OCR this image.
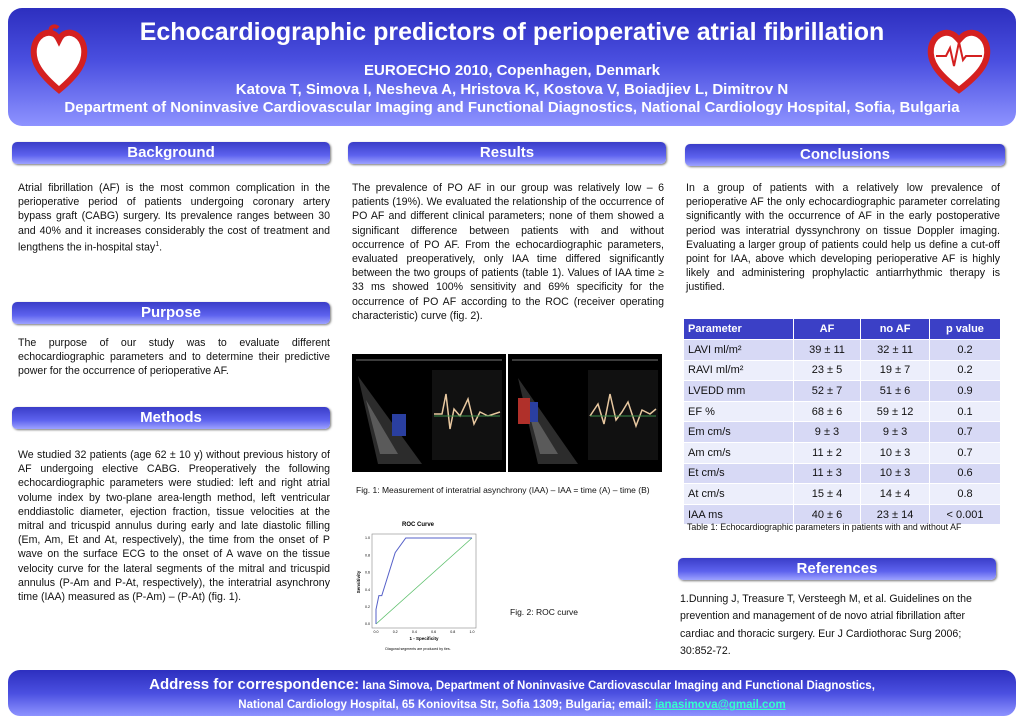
Echocardiographic predictors of perioperative atrial fibrillation
EUROECHO 2010, Copenhagen, Denmark
Katova T, Simova I, Nesheva A, Hristova K, Kostova V, Boiadjiev L, Dimitrov N
Department of Noninvasive Cardiovascular Imaging and Functional Diagnostics, National Cardiology Hospital, Sofia, Bulgaria
Background
Atrial fibrillation (AF) is the most common complication in the perioperative period of patients undergoing coronary artery bypass graft (CABG) surgery. Its prevalence ranges between 30 and 40% and it increases considerably the cost of treatment and lengthens the in-hospital stay$^1$.
Purpose
The purpose of our study was to evaluate different echocardiographic parameters and to determine their predictive power for the occurrence of perioperative AF.
Methods
We studied 32 patients (age 62 ± 10 y) without previous history of AF undergoing elective CABG. Preoperatively the following echocardiographic parameters were studied: left and right atrial volume index by two-plane area-length method, left ventricular enddiastolic diameter, ejection fraction, tissue velocities at the mitral and tricuspid annulus during early and late diastolic filling (Em, Am, Et and At, respectively), the time from the onset of P wave on the surface ECG to the onset of A wave on the tissue velocity curve for the lateral segments of the mitral and tricuspid annulus (P-Am and P-At, respectively), the interatrial asynchrony time (IAA) measured as (P-Am) – (P-At) (fig. 1).
Results
The prevalence of PO AF in our group was relatively low – 6 patients (19%). We evaluated the relationship of the occurrence of PO AF and different clinical parameters; none of them showed a significant difference between patients with and without occurrence of PO AF. From the echocardiographic parameters, evaluated preoperatively, only IAA time differed significantly between the two groups of patients (table 1). Values of IAA time ≥ 33 ms showed 100% sensitivity and 69% specificity for the occurrence of PO AF according to the ROC (receiver operating characteristic) curve (fig. 2).
Fig. 1: Measurement of interatrial asynchrony (IAA) – IAA = time (A) – time (B)
ROC Curve
0.0
0.0
0.2
0.2
0.4
0.4
0.6
0.6
0.8
0.8
1.0
1.0
1 - Specificity
Sensitivity
Diagonal segments are produced by ties.
Fig. 2: ROC curve
Conclusions
In a group of patients with a relatively low prevalence of perioperative AF the only echocardiographic parameter correlating significantly with the occurrence of AF in the early postoperative period was interatrial dyssynchrony on tissue Doppler imaging. Evaluating a larger group of patients could help us define a cut-off point for IAA, above which developing perioperative AF is highly likely and administering prophylactic antiarrhythmic therapy is justified.
Parameter	AF	no AF	p value
LAVI ml/m²	39 ± 11	32 ± 11	0.2
RAVI ml/m²	23 ± 5	19 ± 7	0.2
LVEDD mm	52 ± 7	51 ± 6	0.9
EF %	68 ± 6	59 ± 12	0.1
Em cm/s	9 ± 3	9 ± 3	0.7
Am cm/s	11 ± 2	10 ± 3	0.7
Et cm/s	11 ± 3	10 ± 3	0.6
At cm/s	15 ± 4	14 ± 4	0.8
IAA ms	40 ± 6	23 ± 14	< 0.001
Table 1: Echocardiographic parameters in patients with and without AF
References
1.Dunning J, Treasure T, Versteegh M, et al. Guidelines on the prevention and management of de novo atrial fibrillation after cardiac and thoracic surgery. Eur J Cardiothorac Surg 2006; 30:852-72.
Address for correspondence: Iana Simova, Department of Noninvasive Cardiovascular Imaging and Functional Diagnostics,
National Cardiology Hospital, 65 Koniovitsa Str, Sofia 1309; Bulgaria; email: ianasimova@gmail.com
